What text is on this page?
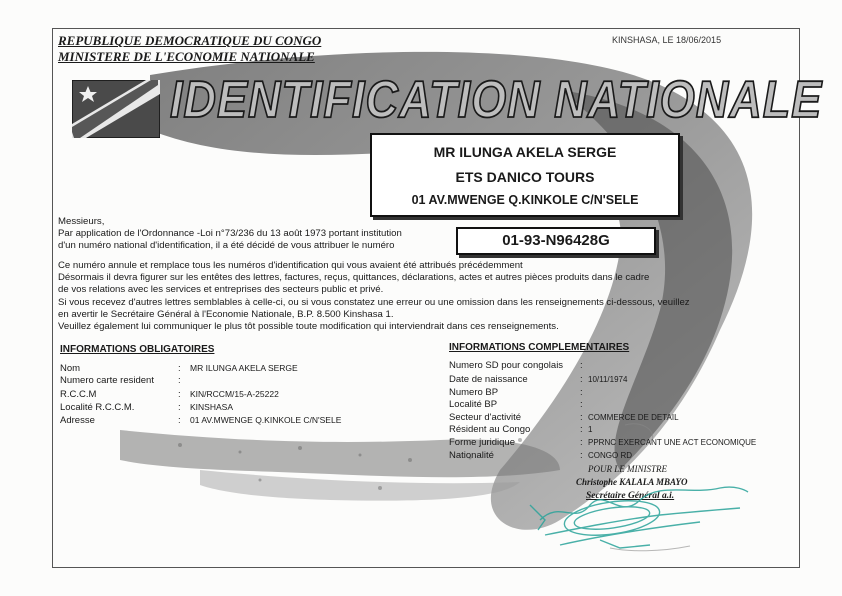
REPUBLIQUE DEMOCRATIQUE DU CONGO
MINISTERE DE L'ECONOMIE NATIONALE
KINSHASA, LE 18/06/2015
IDENTIFICATION NATIONALE
MR ILUNGA AKELA SERGE
ETS DANICO TOURS
01 AV.MWENGE Q.KINKOLE C/N'SELE
Messieurs,
Par application de l'Ordonnance -Loi n°73/236 du 13 août 1973 portant institution
d'un numéro national d'identification, il a été décidé de vous attribuer le numéro	01-93-N96428G
Ce numéro annule et remplace tous les numéros d'identification qui vous avaient été attribués précédemment
Désormais il devra figurer sur les entêtes des lettres, factures, reçus, quittances, déclarations, actes et autres pièces produits dans le cadre
de vos relations avec les services et entreprises des secteurs public et privé.
Si vous recevez d'autres lettres semblables à celle-ci, ou si vous constatez une erreur ou une omission dans les renseignements ci-dessous, veuillez
en avertir le Secrétaire Général à l'Economie Nationale, B.P. 8.500 Kinshasa 1.
Veuillez également lui communiquer le plus tôt possible toute modification qui interviendrait dans ces renseignements.
INFORMATIONS OBLIGATOIRES
Nom	MR ILUNGA AKELA SERGE
Numero carte resident
R.C.C.M	KIN/RCCM/15-A-25222
Localité R.C.C.M.	KINSHASA
Adresse	01 AV.MWENGE Q.KINKOLE C/N'SELE
INFORMATIONS COMPLEMENTAIRES
Numero SD pour congolais
Date de naissance	10/11/1974
Numero BP
Localité BP
Secteur d'activité	COMMERCE DE DETAIL
Résident au Congo	1
Forme juridique	PPRNC EXERCANT UNE ACT ECONOMIQUE
Nationalité	CONGO RD
:
:
:
:
:
:
:
:
:
:
:
:
:
POUR LE MINISTRE
Christophe KALALA MBAYO
Secrétaire Général a.i.
